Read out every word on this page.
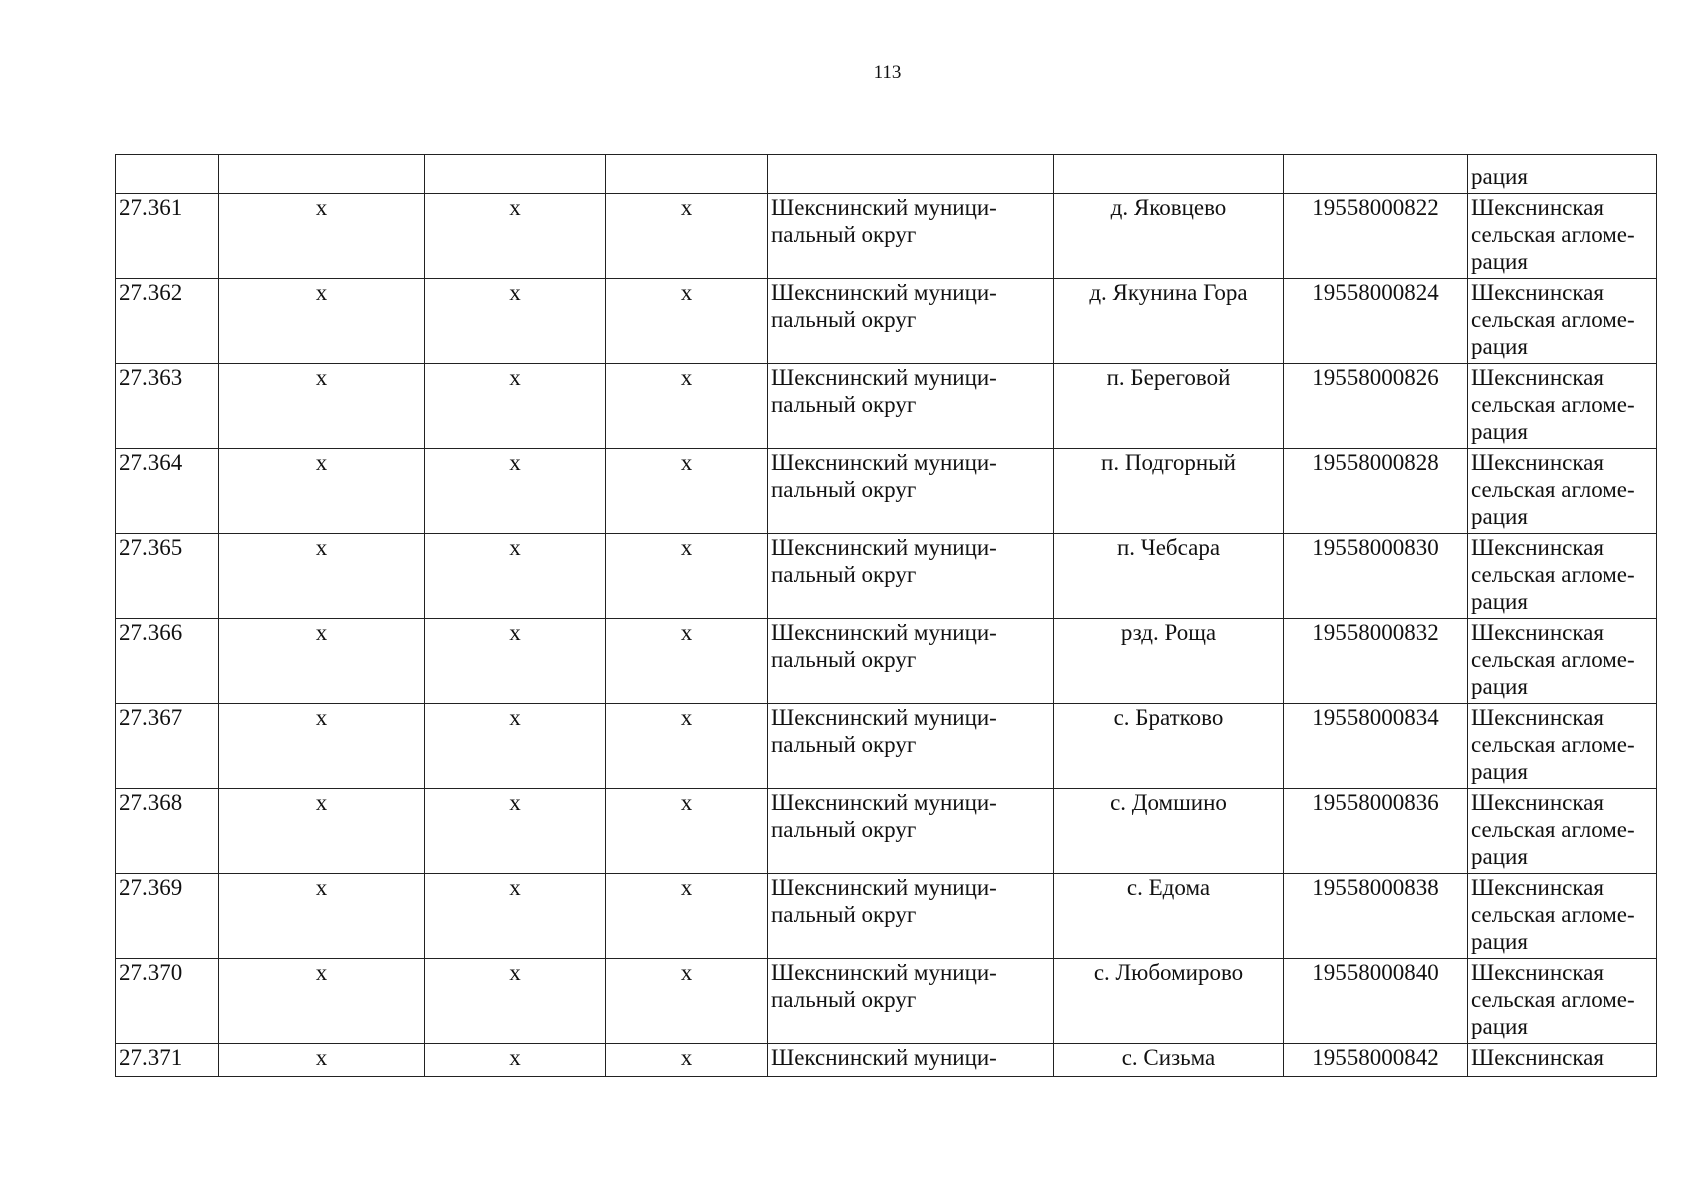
113
							рация
27.361	х	х	х	Шекснинский муници-пальный округ	д. Яковцево	19558000822	Шекснинская сельская агломе-рация
27.362	х	х	х	Шекснинский муници-пальный округ	д. Якунина Гора	19558000824	Шекснинская сельская агломе-рация
27.363	х	х	х	Шекснинский муници-пальный округ	п. Береговой	19558000826	Шекснинская сельская агломе-рация
27.364	х	х	х	Шекснинский муници-пальный округ	п. Подгорный	19558000828	Шекснинская сельская агломе-рация
27.365	х	х	х	Шекснинский муници-пальный округ	п. Чебсара	19558000830	Шекснинская сельская агломе-рация
27.366	х	х	х	Шекснинский муници-пальный округ	рзд. Роща	19558000832	Шекснинская сельская агломе-рация
27.367	х	х	х	Шекснинский муници-пальный округ	с. Братково	19558000834	Шекснинская сельская агломе-рация
27.368	х	х	х	Шекснинский муници-пальный округ	с. Домшино	19558000836	Шекснинская сельская агломе-рация
27.369	х	х	х	Шекснинский муници-пальный округ	с. Едома	19558000838	Шекснинская сельская агломе-рация
27.370	х	х	х	Шекснинский муници-пальный округ	с. Любомирово	19558000840	Шекснинская сельская агломе-рация
27.371	х	х	х	Шекснинский муници-	с. Сизьма	19558000842	Шекснинская
